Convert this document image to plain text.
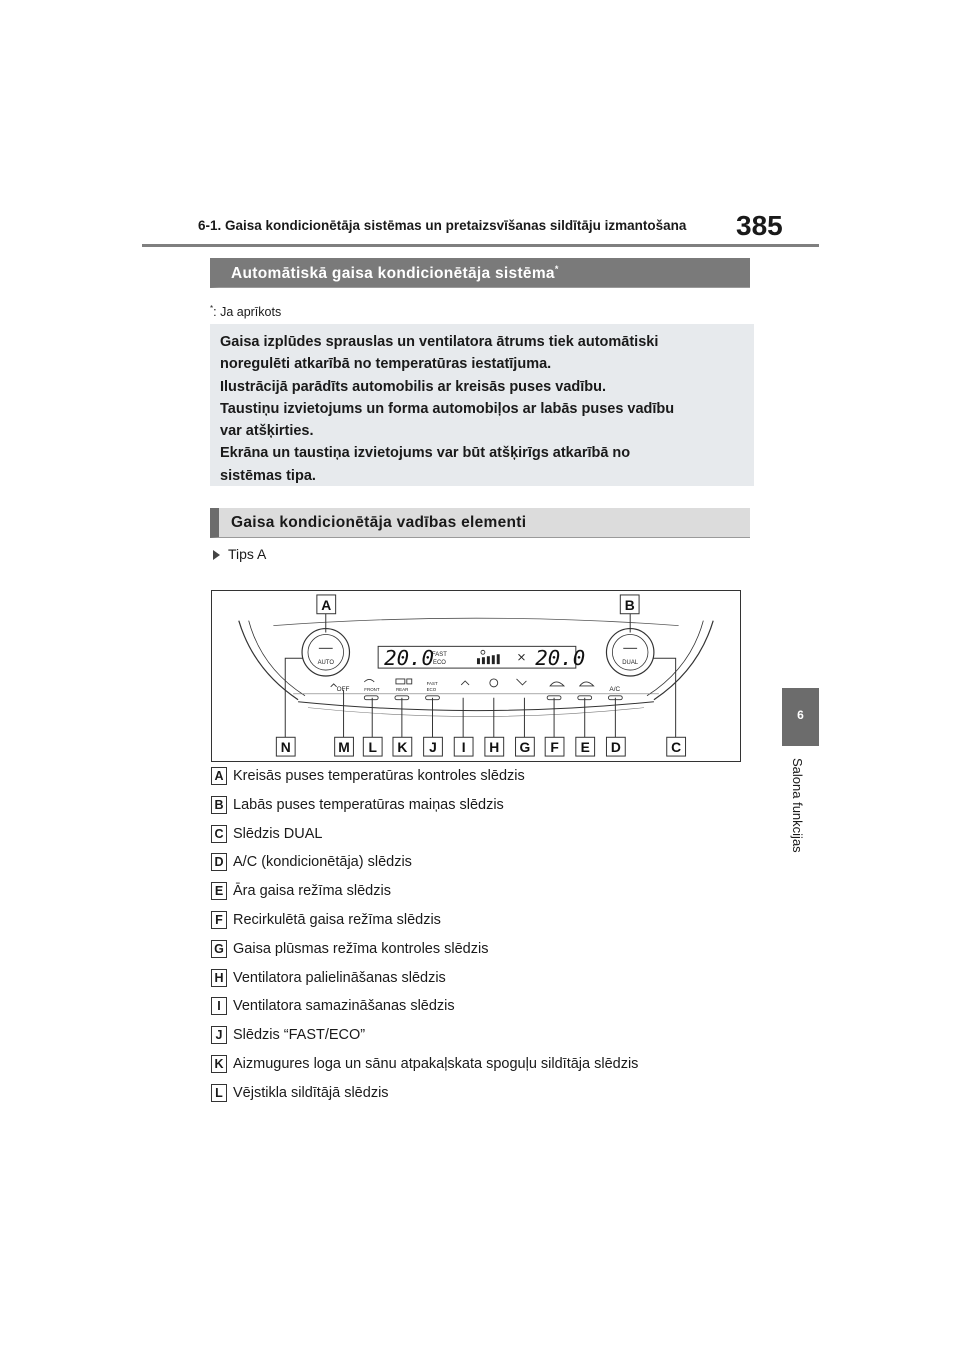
6-1. Gaisa kondicionētāja sistēmas un pretaizsvīšanas sildītāju izmantošana 385
6
Salona funkcijas
Automātiskā gaisa kondicionētāja sistēma*
*: Ja aprīkots

Gaisa izplūdes sprauslas un ventilatora ātrums tiek automātiski

noregulēti atkarībā no temperatūras iestatījuma.

Ilustrācijā parādīts automobilis ar kreisās puses vadību.

Taustiņu izvietojums un forma automobiļos ar labās puses vadību

var atšķirties.

Ekrāna un taustiņa izvietojums var būt atšķirīgs atkarībā no

sistēmas tipa.

Gaisa kondicionētāja vadības elementi
Tips A
AUTO	DUAL
20.0	20.0
FAST
ECO
OFF	FRONT	REAR
FAST
ECO	A/C
A	B
N	M L K J I H G F E D	C
A Kreisās puses temperatūras kontroles slēdzis
B Labās puses temperatūras maiņas slēdzis
C Slēdzis DUAL
D A/C (kondicionētāja) slēdzis
E Āra gaisa režīma slēdzis
F Recirkulētā gaisa režīma slēdzis
G Gaisa plūsmas režīma kontroles slēdzis
H Ventilatora palielināšanas slēdzis
I Ventilatora samazināšanas slēdzis
J Slēdzis “FAST/ECO”
K Aizmugures loga un sānu atpakaļskata spoguļu sildītāja slēdzis
L Vējstikla sildītājā slēdzis
